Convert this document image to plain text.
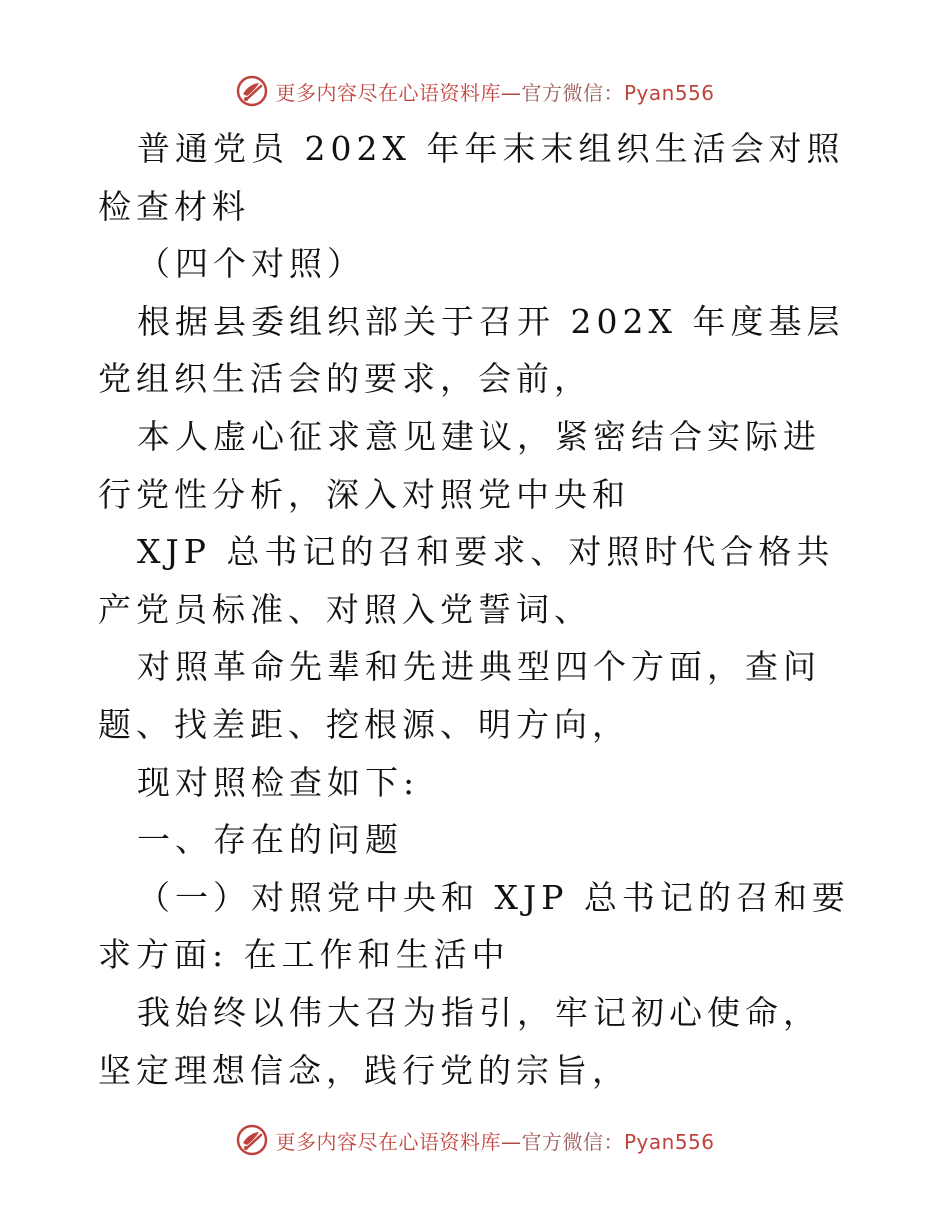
更多内容尽在心语资料库—官方微信：Pyan556

普通党员 202X 年年末末组织生活会对照检查材料

（四个对照）

根据县委组织部关于召开 202X 年度基层党组织生活会的要求，会前，

本人虚心征求意见建议，紧密结合实际进行党性分析，深入对照党中央和

XJP 总书记的召和要求、对照时代合格共产党员标准、对照入党誓词、

对照革命先辈和先进典型四个方面，查问题、找差距、挖根源、明方向，

现对照检查如下:

一、存在的问题

（一）对照党中央和 XJP 总书记的召和要求方面: 在工作和生活中

我始终以伟大召为指引，牢记初心使命，坚定理想信念，践行党的宗旨，

更多内容尽在心语资料库—官方微信：Pyan556
